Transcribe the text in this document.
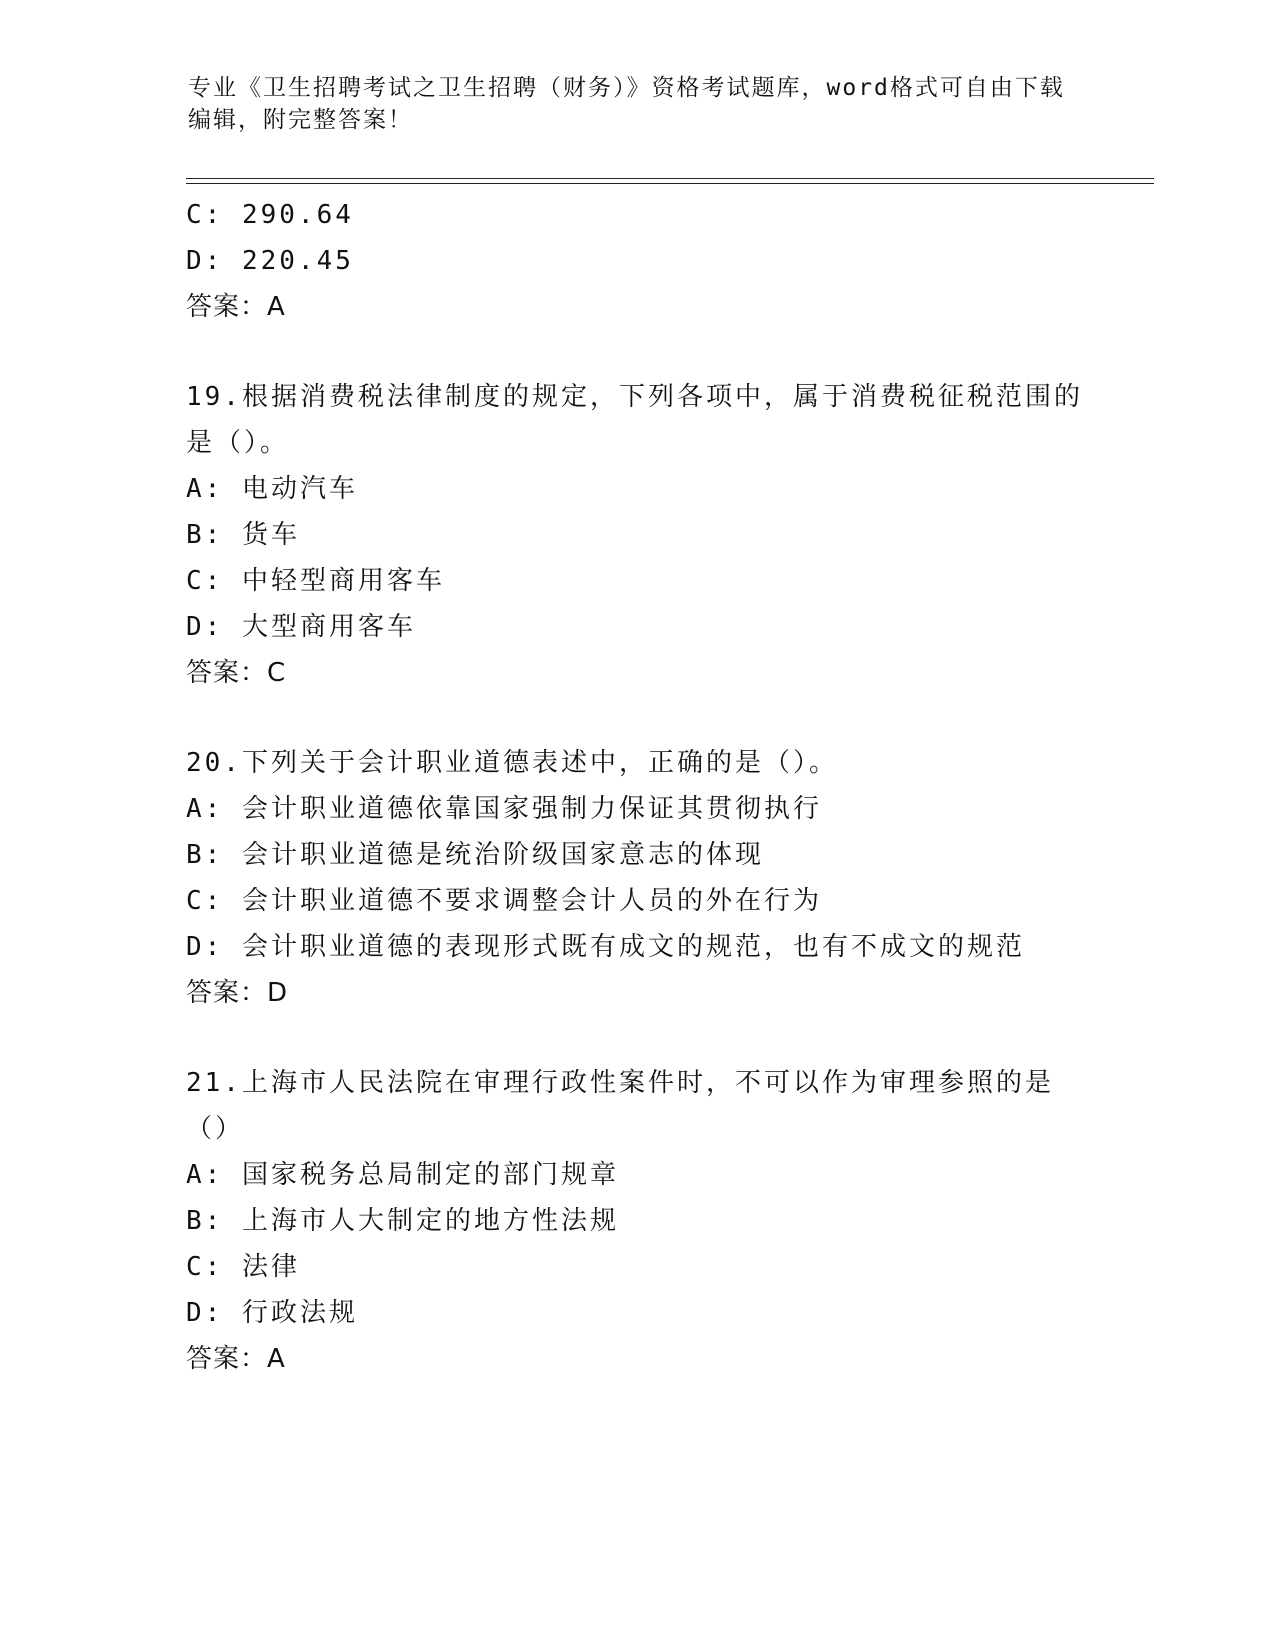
专业《卫生招聘考试之卫生招聘（财务）》资格考试题库，word格式可自由下载编辑，附完整答案！
C: 290.64
D: 220.45
答案：A
19.根据消费税法律制度的规定，下列各项中，属于消费税征税范围的是（）。
A: 电动汽车
B: 货车
C: 中轻型商用客车
D: 大型商用客车
答案：C
20.下列关于会计职业道德表述中，正确的是（）。
A: 会计职业道德依靠国家强制力保证其贯彻执行
B: 会计职业道德是统治阶级国家意志的体现
C: 会计职业道德不要求调整会计人员的外在行为
D: 会计职业道德的表现形式既有成文的规范，也有不成文的规范
答案：D
21.上海市人民法院在审理行政性案件时，不可以作为审理参照的是（）
A: 国家税务总局制定的部门规章
B: 上海市人大制定的地方性法规
C: 法律
D: 行政法规
答案：A
